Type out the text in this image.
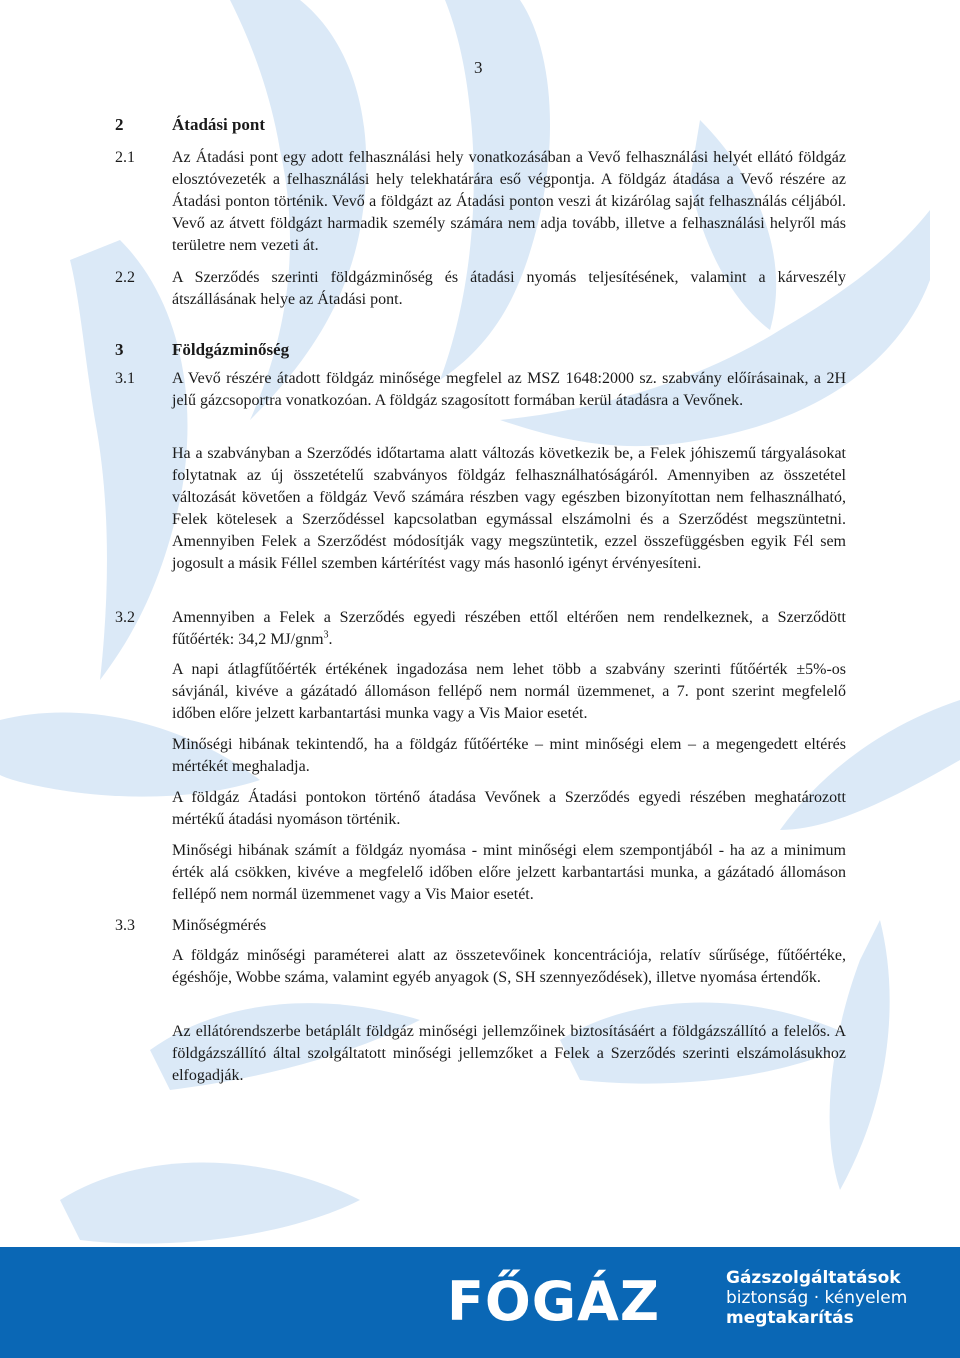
3
2	Átadási pont
2.1 Az Átadási pont egy adott felhasználási hely vonatkozásában a Vevő felhasználási helyét ellátó földgáz elosztóvezeték a felhasználási hely telekhatárára eső végpontja. A földgáz átadása a Vevő részére az Átadási ponton történik. Vevő a földgázt az Átadási ponton veszi át kizárólag saját felhasználás céljából. Vevő az átvett földgázt harmadik személy számára nem adja tovább, illetve a felhasználási helyről más területre nem vezeti át.
2.2 A Szerződés szerinti földgázminőség és átadási nyomás teljesítésének, valamint a kárveszély átszállásának helye az Átadási pont.
3	Földgázminőség
3.1 A Vevő részére átadott földgáz minősége megfelel az MSZ 1648:2000 sz. szabvány előírásainak, a 2H jelű gázcsoportra vonatkozóan. A földgáz szagosított formában kerül átadásra a Vevőnek.
Ha a szabványban a Szerződés időtartama alatt változás következik be, a Felek jóhiszemű tárgyalásokat folytatnak az új összetételű szabványos földgáz felhasználhatóságáról. Amennyiben az összetétel változását követően a földgáz Vevő számára részben vagy egészben bizonyítottan nem felhasználható, Felek kötelesek a Szerződéssel kapcsolatban egymással elszámolni és a Szerződést megszüntetni. Amennyiben Felek a Szerződést módosítják vagy megszüntetik, ezzel összefüggésben egyik Fél sem jogosult a másik Féllel szemben kártérítést vagy más hasonló igényt érvényesíteni.
3.2 Amennyiben a Felek a Szerződés egyedi részében ettől eltérően nem rendelkeznek, a Szerződött fűtőérték: 34,2 MJ/gnm$^3$.
A napi átlagfűtőérték értékének ingadozása nem lehet több a szabvány szerinti fűtőérték ±5%-os sávjánál, kivéve a gázátadó állomáson fellépő nem normál üzemmenet, a 7. pont szerint megfelelő időben előre jelzett karbantartási munka vagy a Vis Maior esetét.
Minőségi hibának tekintendő, ha a földgáz fűtőértéke – mint minőségi elem – a megengedett eltérés mértékét meghaladja.
A földgáz Átadási pontokon történő átadása Vevőnek a Szerződés egyedi részében meghatározott mértékű átadási nyomáson történik.
Minőségi hibának számít a földgáz nyomása - mint minőségi elem szempontjából - ha az a minimum érték alá csökken, kivéve a megfelelő időben előre jelzett karbantartási munka, a gázátadó állomáson fellépő nem normál üzemmenet vagy a Vis Maior esetét.
3.3 Minőségmérés
A földgáz minőségi paraméterei alatt az összetevőinek koncentrációja, relatív sűrűsége, fűtőértéke, égéshője, Wobbe száma, valamint egyéb anyagok (S, SH szennyeződések), illetve nyomása értendők.
Az ellátórendszerbe betáplált földgáz minőségi jellemzőinek biztosításáért a földgázszállító a felelős. A földgázszállító által szolgáltatott minőségi jellemzőket a Felek a Szerződés szerinti elszámolásukhoz elfogadják.
FŐGÁZ	Gázszolgáltatások
biztonság · kényelem
megtakarítás
